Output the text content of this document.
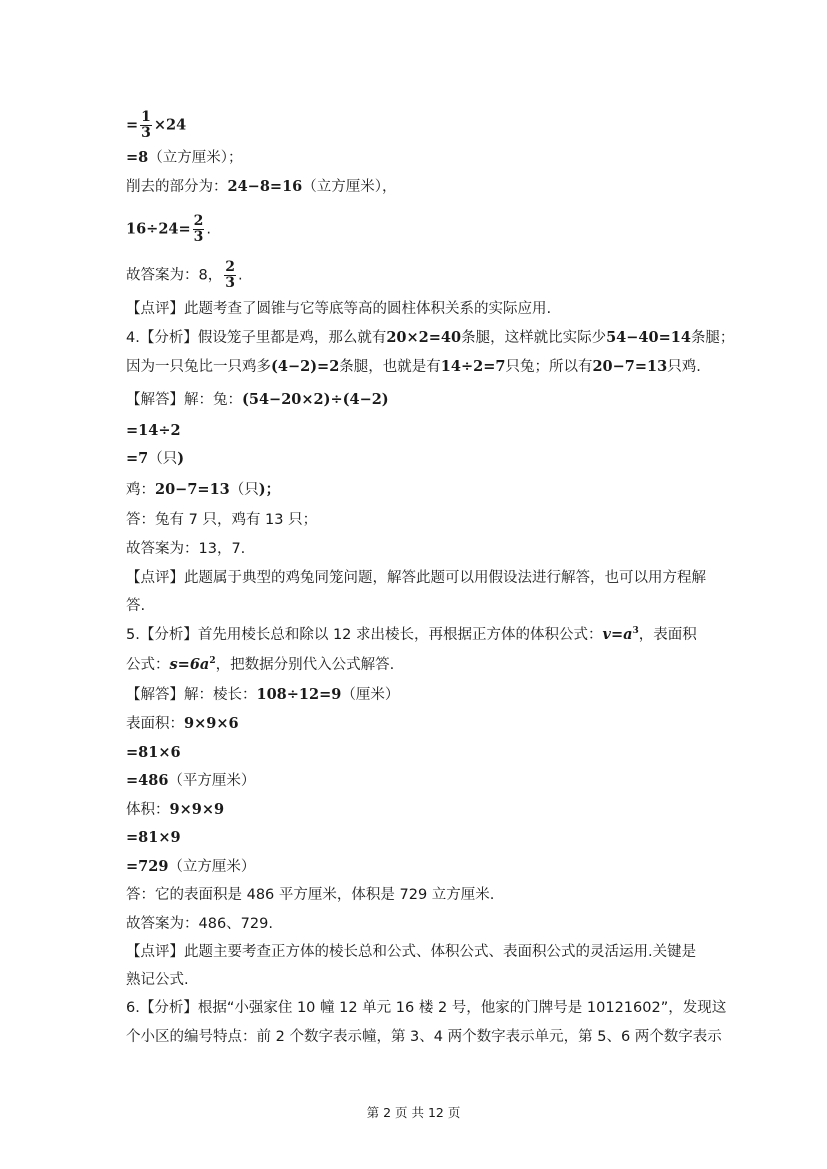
= $\frac{1}{3} \times 24$
=8（立方厘米）；
削去的部分为：24−8=16（立方厘米），
$16\div 24= \frac{2}{3}$ .
故答案为：8， $\frac{2}{3}$ .
【点评】此题考查了圆锥与它等底等高的圆柱体积关系的实际应用.
4.【分析】假设笼子里都是鸡，那么就有20×2=40条腿，这样就比实际少54−40=14条腿；
因为一只兔比一只鸡多(4−2)=2条腿，也就是有14÷2=7只兔；所以有20−7=13只鸡.
【解答】解：兔：(54−20×2)÷(4−2)
=14÷2
=7（只)
鸡：20−7=13（只)；
答：兔有 7 只，鸡有 13 只；
故答案为：13，7.
【点评】此题属于典型的鸡兔同笼问题，解答此题可以用假设法进行解答，也可以用方程解
答.
5.【分析】首先用棱长总和除以 12 求出棱长，再根据正方体的体积公式：$v=a^3$，表面积
公式：$s=6a^2$，把数据分别代入公式解答.
【解答】解：棱长：108÷12=9（厘米）
表面积：9×9×6
=81×6
=486（平方厘米）
体积：9×9×9
=81×9
=729（立方厘米）
答：它的表面积是 486 平方厘米，体积是 729 立方厘米.
故答案为：486、729.
【点评】此题主要考查正方体的棱长总和公式、体积公式、表面积公式的灵活运用.关键是
熟记公式.
6.【分析】根据“小强家住 10 幢 12 单元 16 楼 2 号，他家的门牌号是 10121602”，发现这
个小区的编号特点：前 2 个数字表示幢，第 3、4 两个数字表示单元，第 5、6 两个数字表示
第 2 页 共 12 页
